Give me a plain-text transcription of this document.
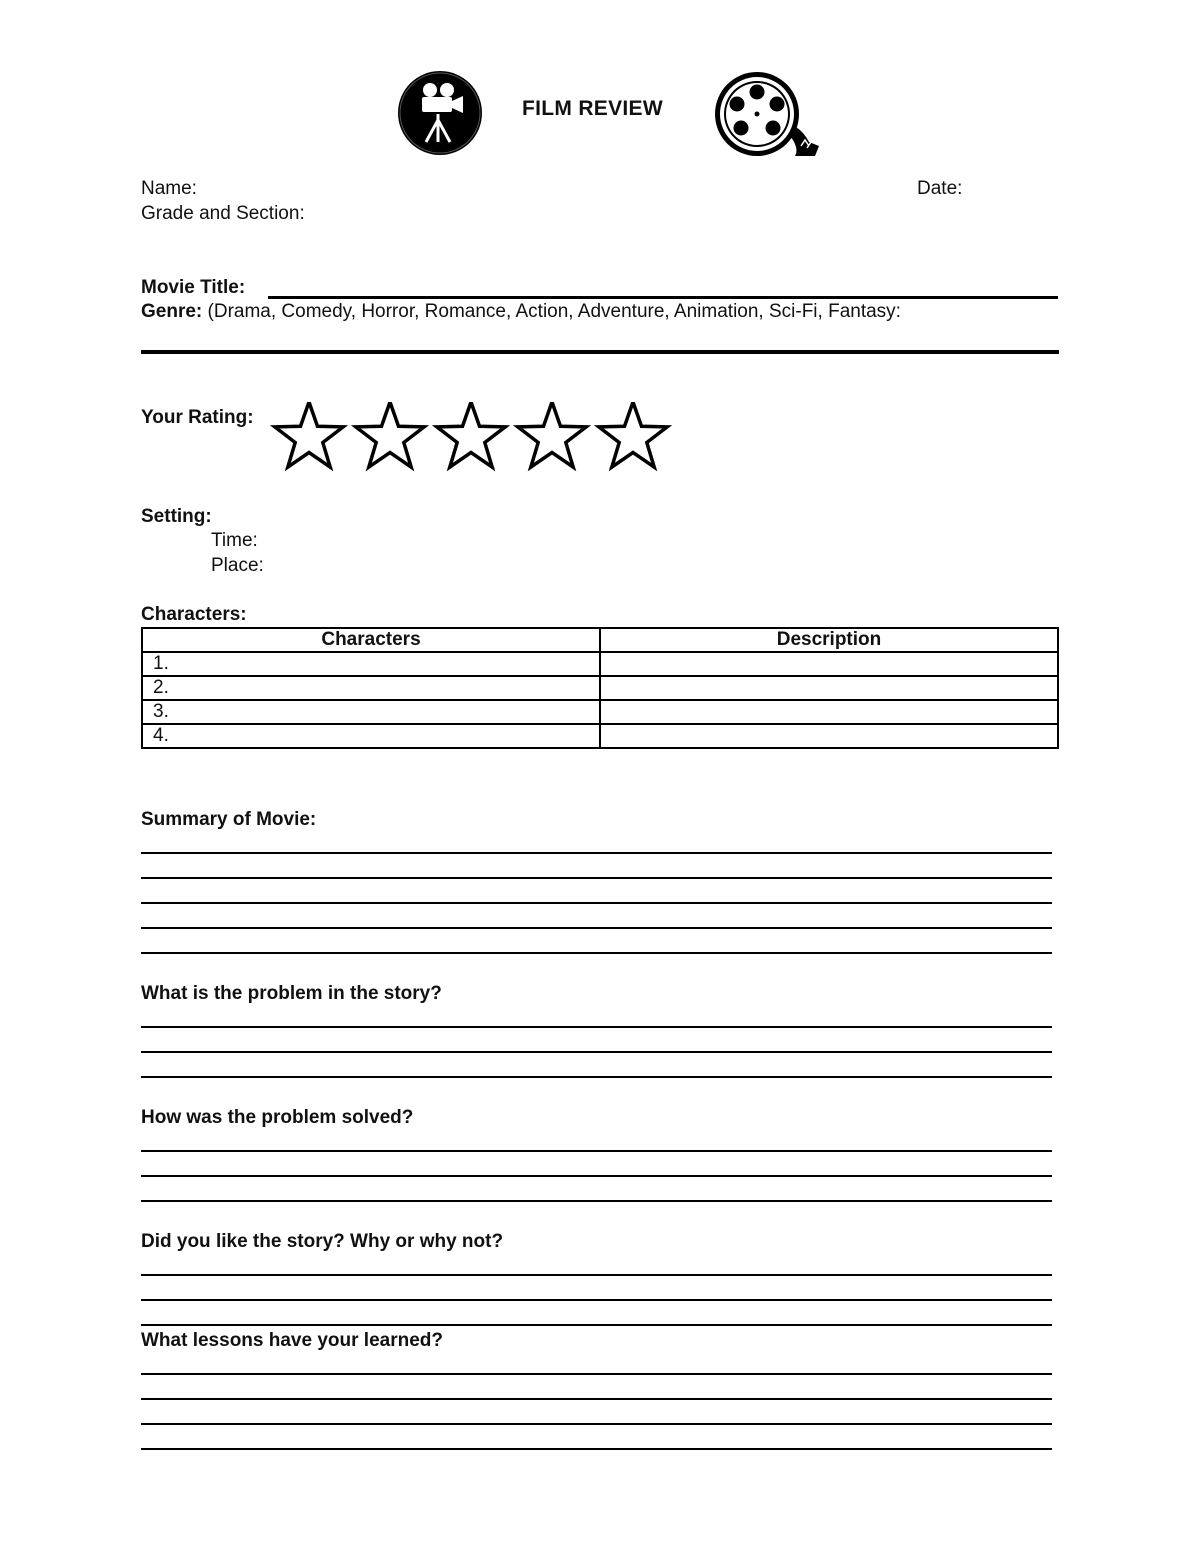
FILM REVIEW
Name:	Date:
Grade and Section:
Movie Title:
Genre: (Drama, Comedy, Horror, Romance, Action, Adventure, Animation, Sci-Fi, Fantasy:
Your Rating:
Setting:
Time:
Place:
Characters:
Characters	Description
1.	
2.	
3.	
4.	
Summary of Movie:
What is the problem in the story?
How was the problem solved?
Did you like the story? Why or why not?
What lessons have your learned?
